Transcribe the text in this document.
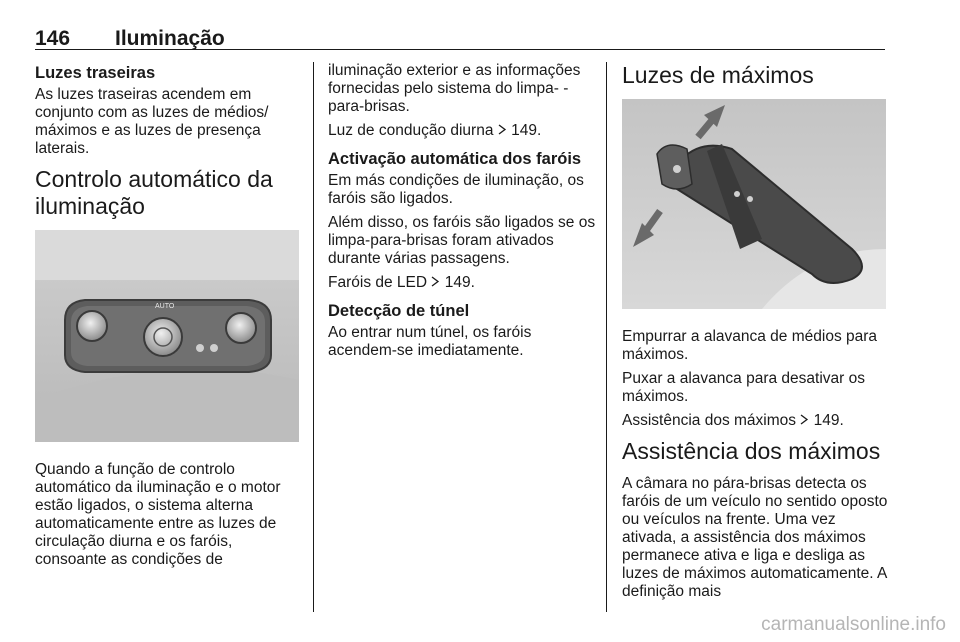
146 Iluminação
Luzes traseiras

As luzes traseiras acendem em conjunto com as luzes de médios/ máximos e as luzes de presença laterais.

Controlo automático da iluminação
AUTO

Quando a função de controlo automático da iluminação e o motor estão ligados, o sistema alterna automaticamente entre as luzes de circulação diurna e os faróis, consoante as condições de

iluminação exterior e as informações fornecidas pelo sistema do limpa- -para-brisas.

Luz de condução diurna 149.

Activação automática dos faróis

Em más condições de iluminação, os faróis são ligados.

Além disso, os faróis são ligados se os limpa-para-brisas foram ativados durante várias passagens.

Faróis de LED 149.

Detecção de túnel

Ao entrar num túnel, os faróis acendem-se imediatamente.

Luzes de máximos

Empurrar a alavanca de médios para máximos.

Puxar a alavanca para desativar os máximos.

Assistência dos máximos 149.

Assistência dos máximos

A câmara no pára-brisas detecta os faróis de um veículo no sentido oposto ou veículos na frente. Uma vez ativada, a assistência dos máximos permanece ativa e liga e desliga as luzes de máximos automaticamente. A definição mais

carmanualsonline.info
